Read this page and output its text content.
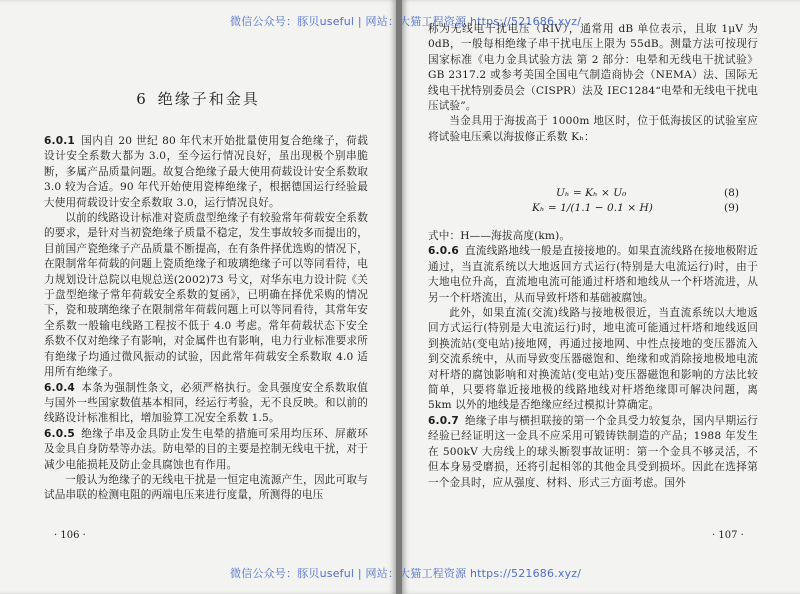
微信公众号：豚贝useful | 网站：大猫工程资源 https://521686.xyz/
微信公众号：豚贝useful | 网站：大猫工程资源 https://521686.xyz/
6 绝缘子和金具

6.0.1 国内自 20 世纪 80 年代末开始批量使用复合绝缘子，荷载设计安全系数大都为 3.0，至今运行情况良好，虽出现极个别串脆断，多属产品质量问题。故复合绝缘子最大使用荷载设计安全系数取 3.0 较为合适。90 年代开始使用瓷棒绝缘子，根据德国运行经验最大使用荷载设计安全系数取 3.0，运行情况良好。

以前的线路设计标准对瓷质盘型绝缘子有较验常年荷载安全系数的要求，是针对当初瓷绝缘子质量不稳定，发生事故较多而提出的，目前国产瓷绝缘子产品质量不断提高，在有条件择优选购的情况下，在限制常年荷载的问题上瓷质绝缘子和玻璃绝缘子可以等同看待，电力规划设计总院以电规总送(2002)73 号文，对华东电力设计院《关于盘型绝缘子常年荷载安全系数的复函》，已明确在择优采购的情况下，瓷和玻璃绝缘子在限制常年荷载问题上可以等同看待，其常年安全系数一般输电线路工程按不低于 4.0 考虑。常年荷载状态下安全系数不仅对绝缘子有影响，对金属件也有影响，电力行业标准要求所有绝缘子均通过微风振动的试验，因此常年荷载安全系数取 4.0 适用所有绝缘子。

6.0.4 本条为强制性条文，必须严格执行。金具强度安全系数取值与国外一些国家数值基本相同，经运行考验，无不良反映。和以前的线路设计标准相比，增加验算工况安全系数 1.5。

6.0.5 绝缘子串及金具防止发生电晕的措施可采用均压环、屏蔽环及金具自身防晕等办法。防电晕的目的主要是控制无线电干扰，对于减少电能损耗及防止金具腐蚀也有作用。

一般认为绝缘子的无线电干扰是一恒定电流源产生，因此可取与试品串联的检测电阻的两端电压来进行度量，所测得的电压

称为无线电干扰电压（RIV），通常用 dB 单位表示，且取 1μV 为 0dB，一般每相绝缘子串干扰电压上限为 55dB。测量方法可按现行国家标准《电力金具试验方法 第 2 部分：电晕和无线电干扰试验》GB 2317.2 或参考美国全国电气制造商协会（NEMA）法、国际无线电干扰特别委员会（CISPR）法及 IEC1284“电晕和无线电干扰电压试验”。

当金具用于海拔高于 1000m 地区时，位于低海拔区的试验室应将试验电压乘以海拔修正系数 Kₕ：

Uₕ = Kₕ × U₀	(8)
Kₕ = 1/(1.1 − 0.1 × H)	(9)

式中：H——海拔高度(km)。

6.0.6 直流线路地线一般是直接接地的。如果直流线路在接地极附近通过，当直流系统以大地返回方式运行(特别是大电流运行)时，由于大地电位升高，直流地电流可能通过杆塔和地线从一个杆塔流进，从另一个杆塔流出，从而导致杆塔和基础被腐蚀。

此外，如果直流(交流)线路与接地极很近，当直流系统以大地返回方式运行(特别是大电流运行)时，地电流可能通过杆塔和地线返回到换流站(变电站)接地网，再通过接地网、中性点接地的变压器流入到交流系统中，从而导致变压器磁饱和、绝缘和或消除接地极地电流对杆塔的腐蚀影响和对换流站(变电站)变压器磁饱和影响的方法比较简单，只要将靠近接地极的线路地线对杆塔绝缘即可解决问题，离 5km 以外的地线是否绝缘应经过模拟计算确定。

6.0.7 绝缘子串与横担联接的第一个金具受力较复杂，国内早期运行经验已经证明这一金具不应采用可锻铸铁制造的产品；1988 年发生在 500kV 大房线上的球头断裂事故证明：第一个金具不够灵活，不但本身易受磨损，还将引起相邻的其他金具受到损坏。因此在选择第一个金具时，应从强度、材料、形式三方面考虑。国外

· 106 ·	· 107 ·
